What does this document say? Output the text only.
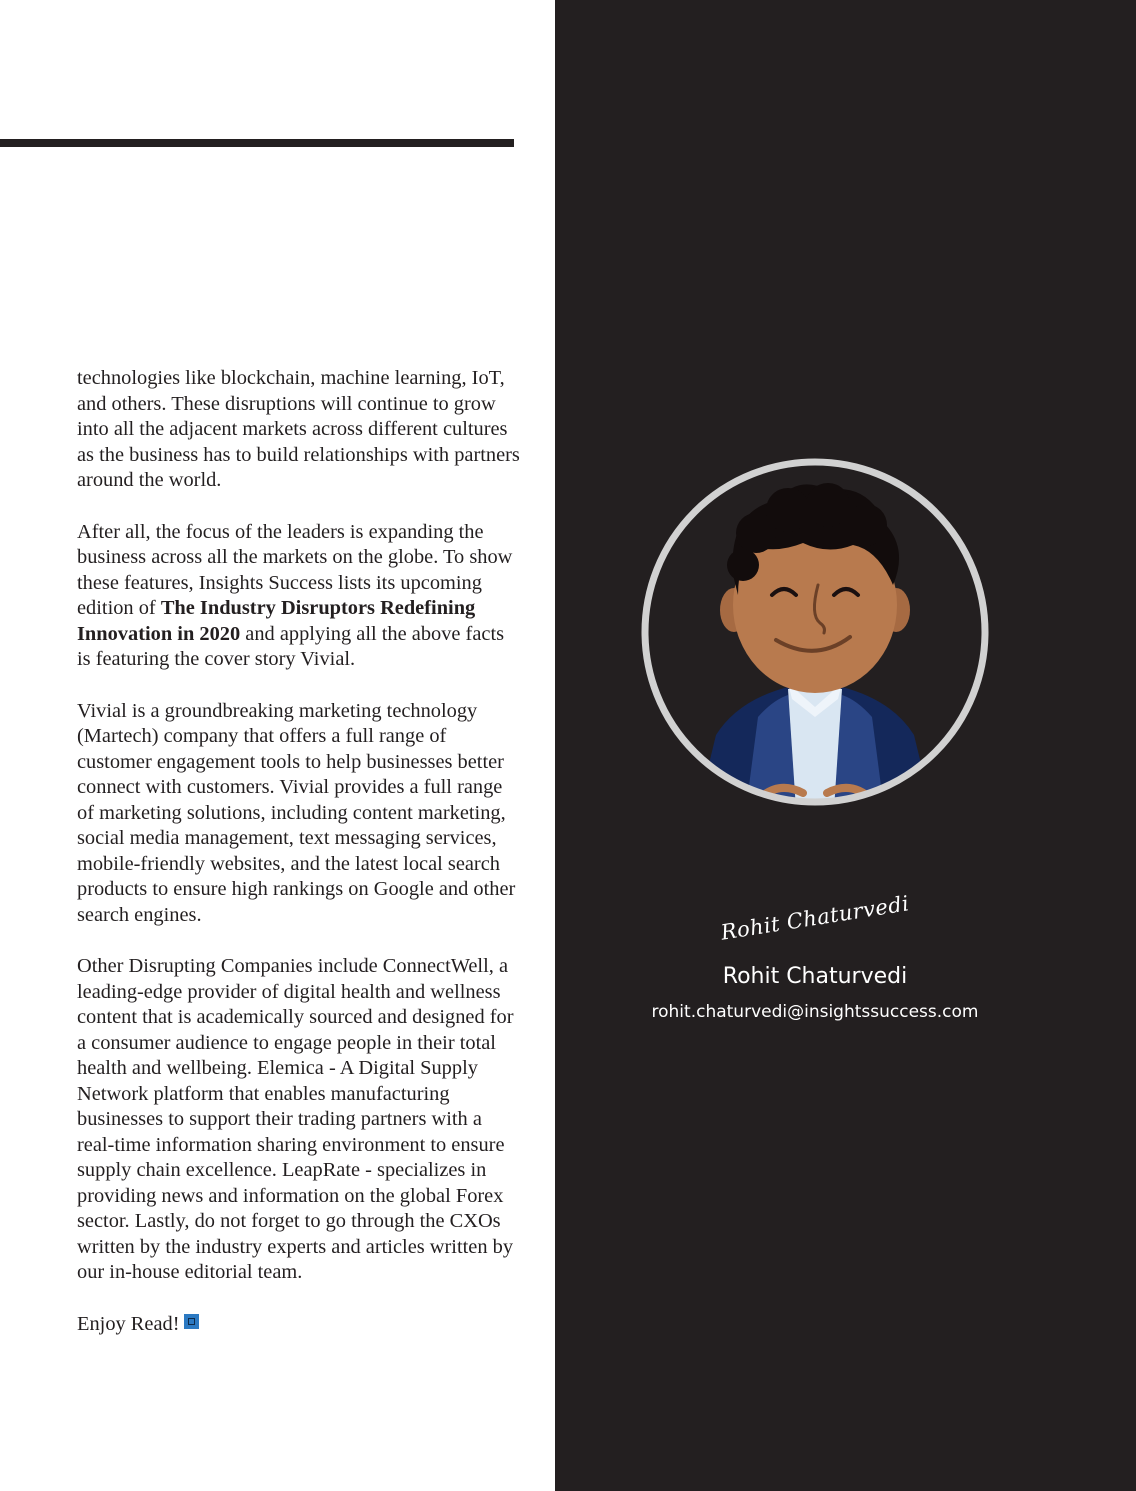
technologies like blockchain, machine learning, IoT, and others. These disruptions will continue to grow into all the adjacent markets across different cultures as the business has to build relationships with partners around the world.

After all, the focus of the leaders is expanding the business across all the markets on the globe. To show these features, Insights Success lists its upcoming edition of The Industry Disruptors Redefining Innovation in 2020 and applying all the above facts is featuring the cover story Vivial.

Vivial is a groundbreaking marketing technology (Martech) company that offers a full range of customer engagement tools to help businesses better connect with customers. Vivial provides a full range of marketing solutions, including content marketing, social media management, text messaging services, mobile-friendly websites, and the latest local search products to ensure high rankings on Google and other search engines.

Other Disrupting Companies include ConnectWell, a leading-edge provider of digital health and wellness content that is academically sourced and designed for a consumer audience to engage people in their total health and wellbeing. Elemica - A Digital Supply Network platform that enables manufacturing businesses to support their trading partners with a real-time information sharing environment to ensure supply chain excellence. LeapRate - specializes in providing news and information on the global Forex sector. Lastly, do not forget to go through the CXOs written by the industry experts and articles written by our in-house editorial team.

Enjoy Read!

Rohit Chaturvedi
Rohit Chaturvedi
rohit.chaturvedi@insightssuccess.com
